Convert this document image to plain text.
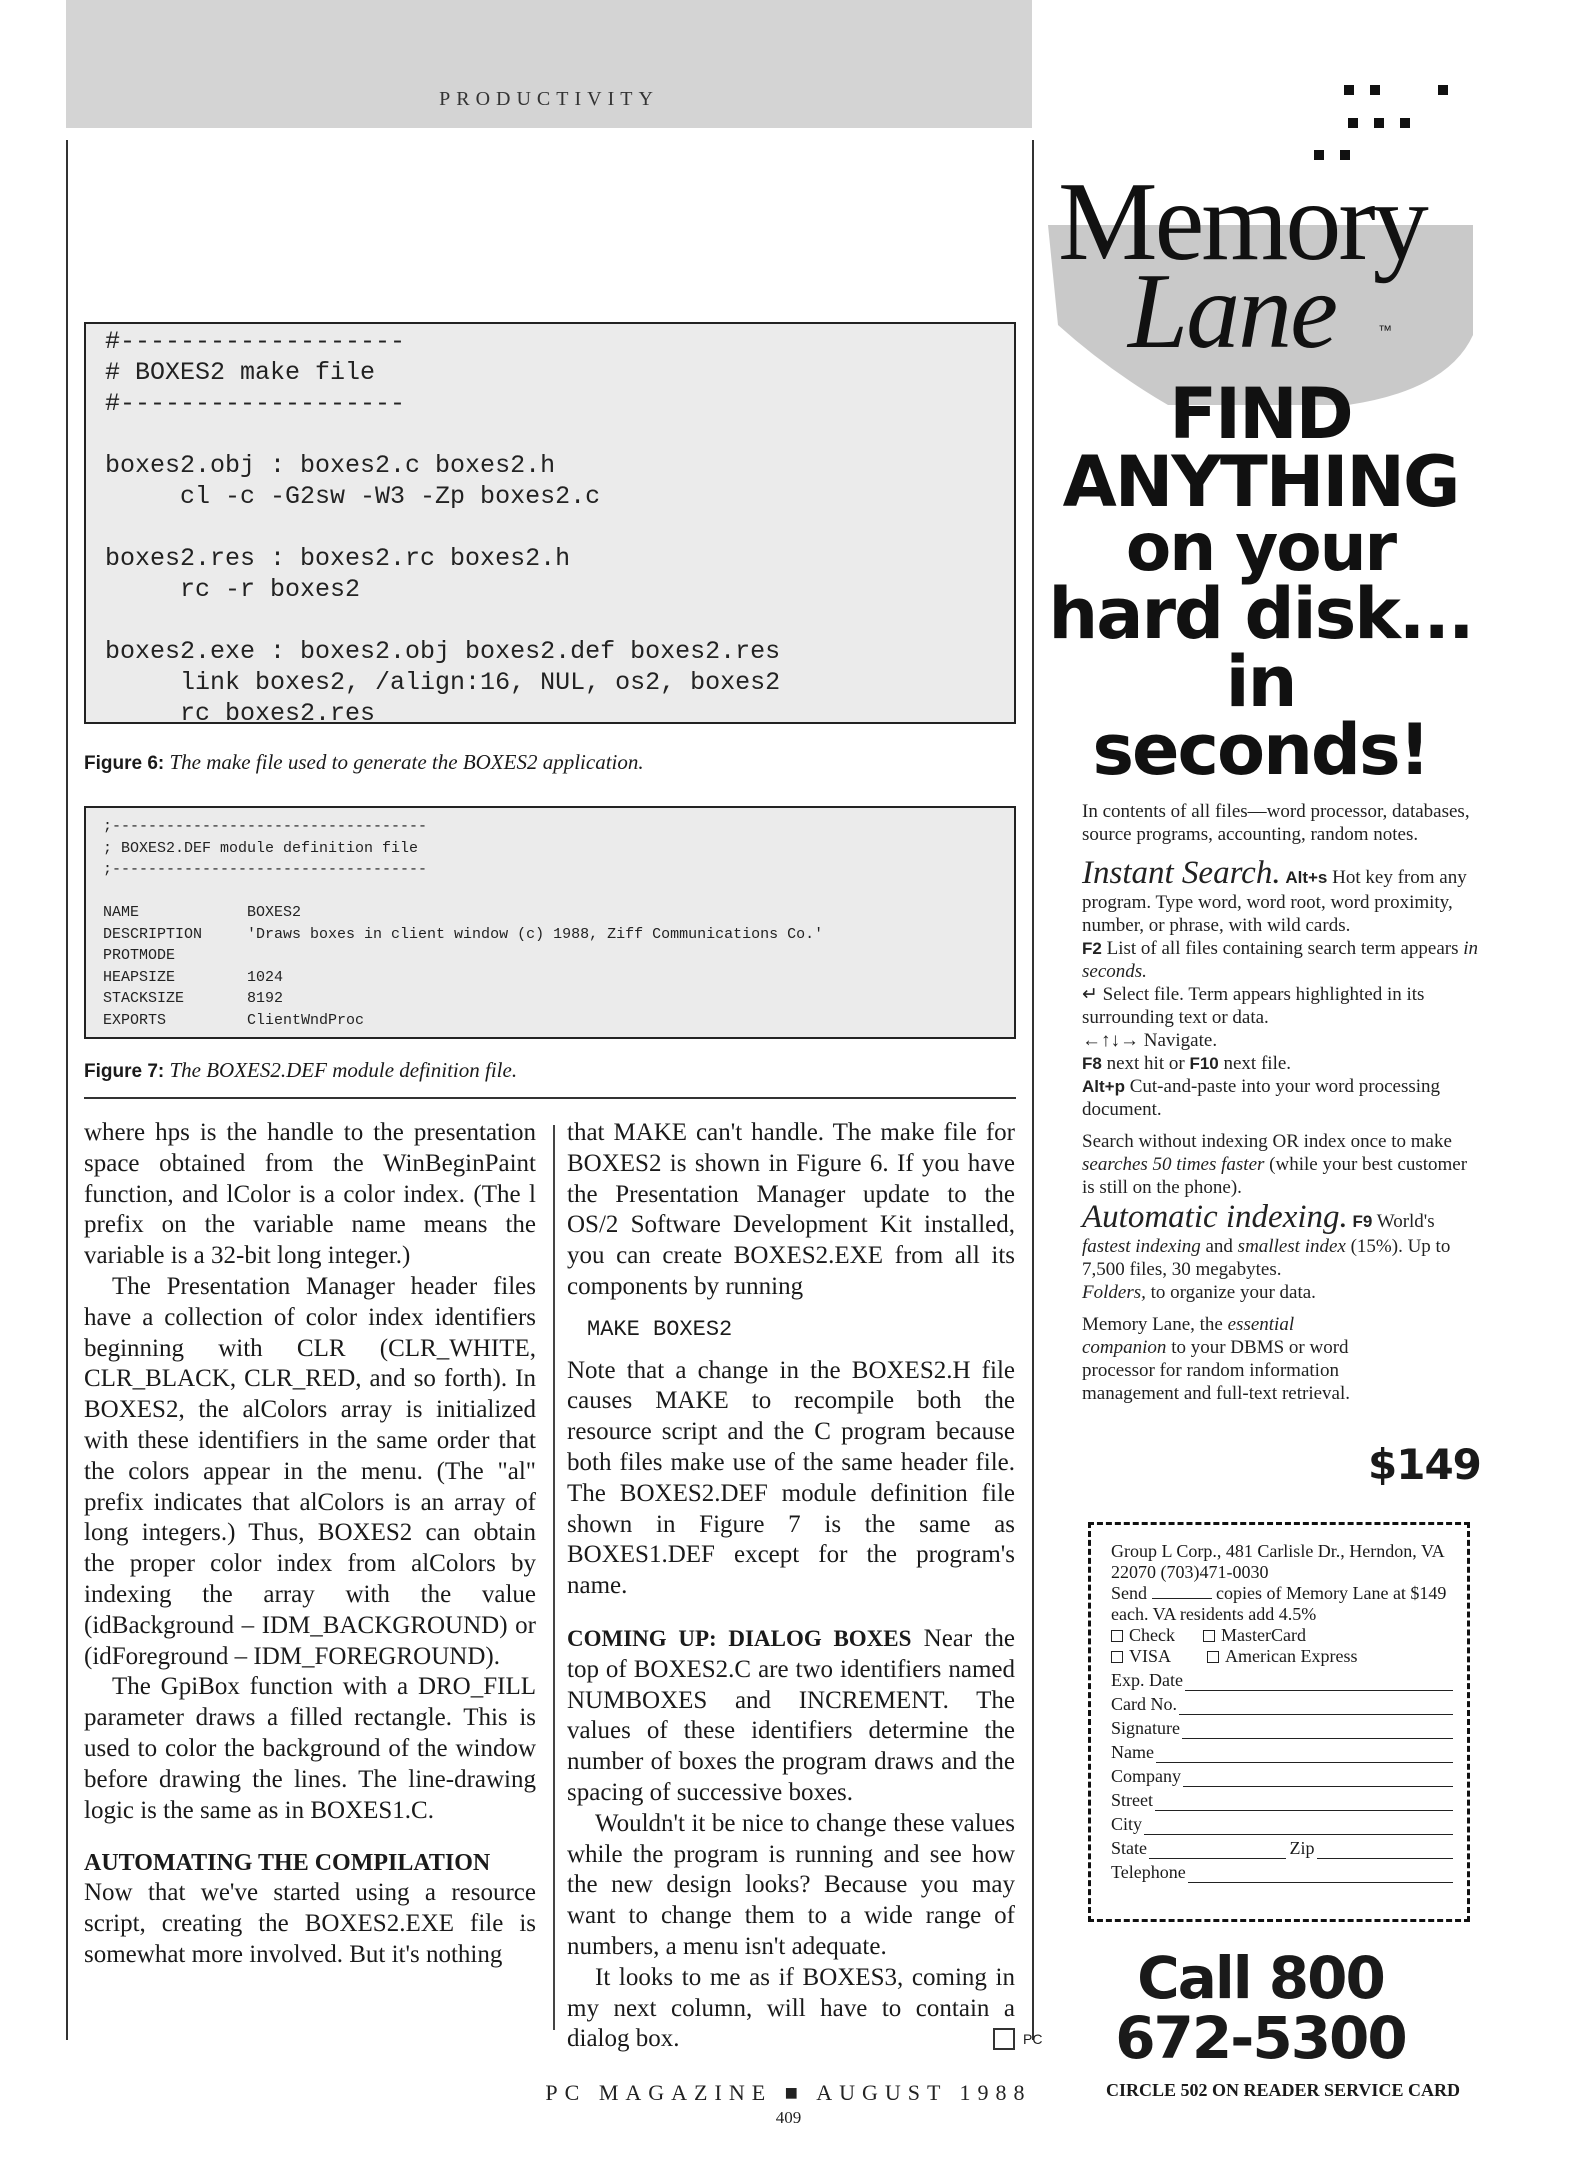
PRODUCTIVITY
#-------------------
# BOXES2 make file
#-------------------

boxes2.obj : boxes2.c boxes2.h
cl -c -G2sw -W3 -Zp boxes2.c

boxes2.res : boxes2.rc boxes2.h
rc -r boxes2

boxes2.exe : boxes2.obj boxes2.def boxes2.res
link boxes2, /align:16, NUL, os2, boxes2
rc boxes2.res
Figure 6: The make file used to generate the BOXES2 application.
;-----------------------------------
; BOXES2.DEF module definition file
;-----------------------------------

NAME            BOXES2
DESCRIPTION     'Draws boxes in client window (c) 1988, Ziff Communications Co.'
PROTMODE
HEAPSIZE        1024
STACKSIZE       8192
EXPORTS         ClientWndProc
Figure 7: The BOXES2.DEF module definition file.

where hps is the handle to the presentation space obtained from the WinBeginPaint function, and lColor is a color index. (The l prefix on the variable name means the variable is a 32-bit long integer.)

The Presentation Manager header files have a collection of color index identifiers beginning with CLR (CLR_WHITE, CLR_BLACK, CLR_RED, and so forth). In BOXES2, the alColors array is initialized with these identifiers in the same order that the colors appear in the menu. (The "al" prefix indicates that alColors is an array of long integers.) Thus, BOXES2 can obtain the proper color index from alColors by indexing the array with the value (idBackground – IDM_BACKGROUND) or (idForeground – IDM_FOREGROUND).

The GpiBox function with a DRO_FILL parameter draws a filled rectangle. This is used to color the background of the window before drawing the lines. The line-drawing logic is the same as in BOXES1.C.

AUTOMATING THE COMPILATION

Now that we've started using a resource script, creating the BOXES2.EXE file is somewhat more involved. But it's nothing

that MAKE can't handle. The make file for BOXES2 is shown in Figure 6. If you have the Presentation Manager update to the OS/2 Software Development Kit installed, you can create BOXES2.EXE from all its components by running

MAKE BOXES2

Note that a change in the BOXES2.H file causes MAKE to recompile both the resource script and the C program because both files make use of the same header file. The BOXES2.DEF module definition file shown in Figure 7 is the same as BOXES1.DEF except for the program's name.

COMING UP: DIALOG BOXES Near the top of BOXES2.C are two identifiers named NUMBOXES and INCREMENT. The values of these identifiers determine the number of boxes the program draws and the spacing of successive boxes.

Wouldn't it be nice to change these values while the program is running and see how the new design looks? Because you may want to change them to a wide range of numbers, a menu isn't adequate.

It looks to me as if BOXES3, coming in my next column, will have to contain a dialog box.	PC

Memory
Lane	™
FIND
ANYTHING
on your
hard disk...
in seconds!
In contents of all files—word processor, databases, source programs, accounting, random notes.
Instant Search. Alt+s Hot key from any program. Type word, word root, word proximity, number, or phrase, with wild cards.
F2 List of all files containing search term appears in seconds.
↵ Select file. Term appears highlighted in its surrounding text or data.
←↑↓→ Navigate.
F8 next hit or F10 next file.
Alt+p Cut-and-paste into your word processing document.
Search without indexing OR index once to make searches 50 times faster (while your best customer is still on the phone).
Automatic indexing. F9 World's fastest indexing and smallest index (15%). Up to 7,500 files, 30 megabytes.
Folders, to organize your data.
Memory Lane, the essential companion to your DBMS or word processor for random information management and full-text retrieval.
$149
Group L Corp., 481 Carlisle Dr., Herndon, VA 22070 (703)471-0030
Send	copies of Memory Lane at $149 each. VA residents add 4.5%
Check	MasterCard
VISA	American Express
Exp. Date
Card No.
Signature
Name
Company
Street
City
State	Zip
Telephone
Call 800
672-5300
CIRCLE 502 ON READER SERVICE CARD
PC MAGAZINE ■ AUGUST 1988
409
